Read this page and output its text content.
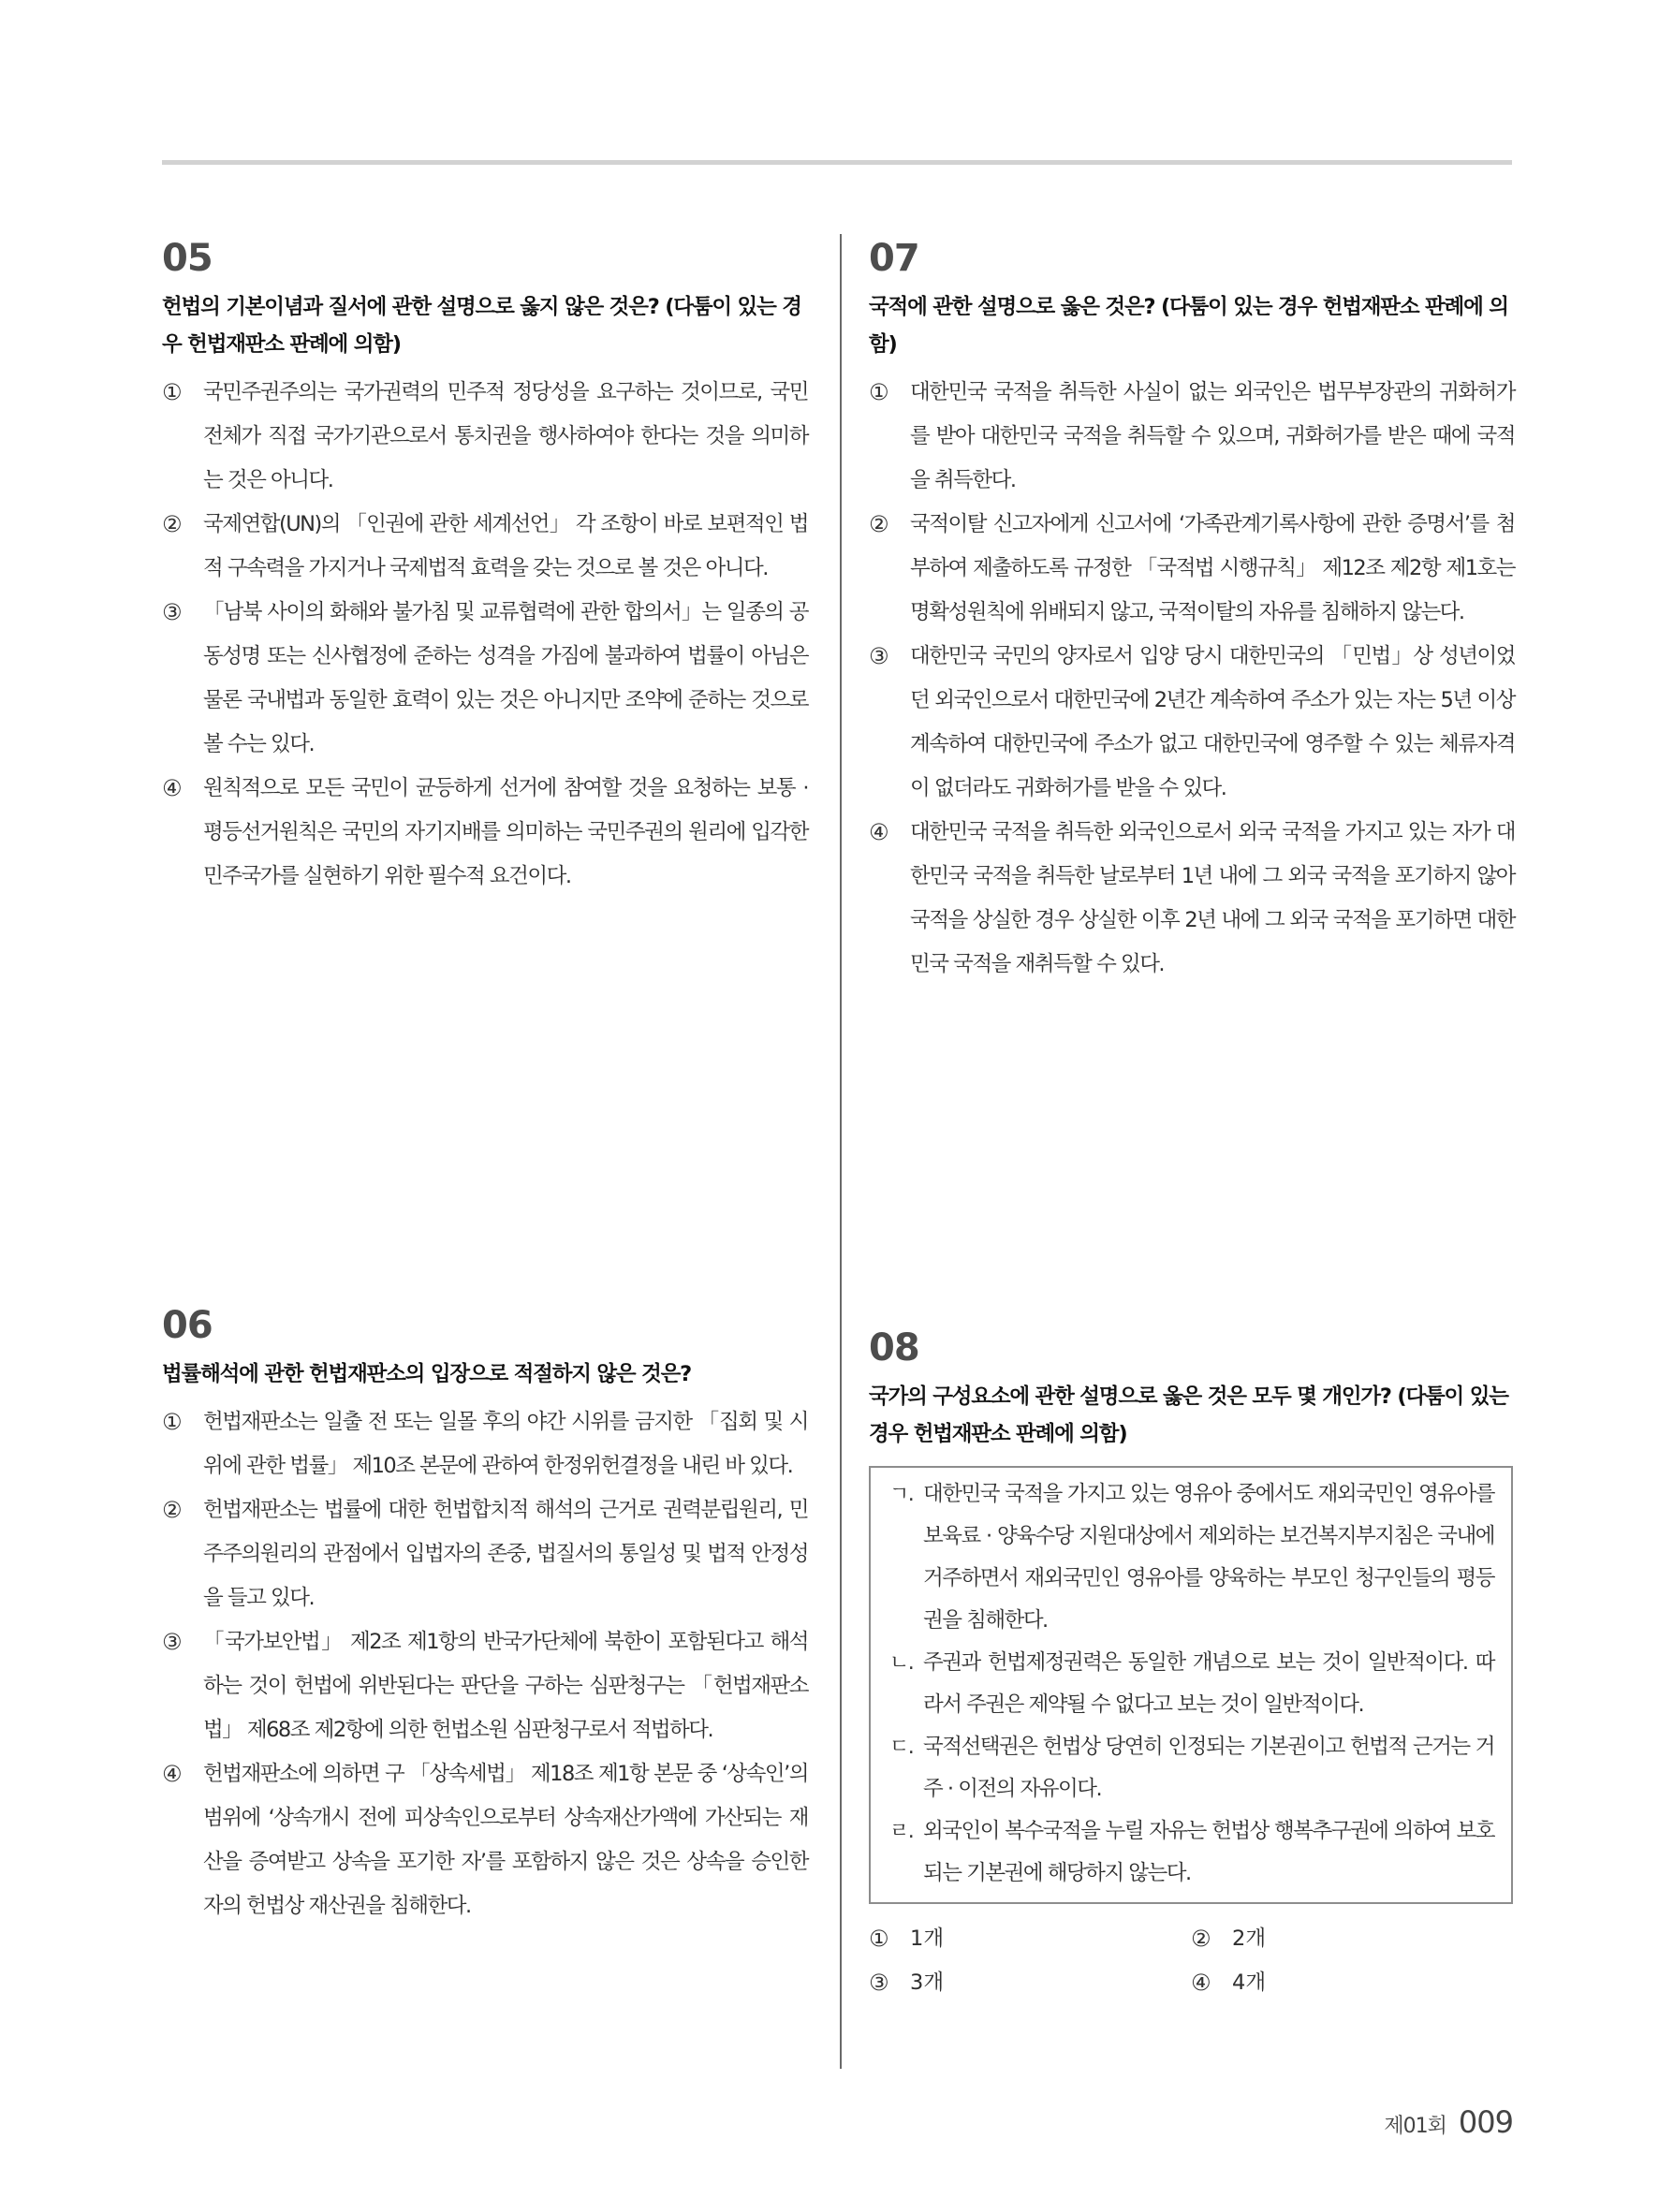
05
헌법의 기본이념과 질서에 관한 설명으로 옳지 않은 것은? (다툼이 있는 경우 헌법재판소 판례에 의함)
① 국민주권주의는 국가권력의 민주적 정당성을 요구하는 것이므로, 국민 전체가 직접 국가기관으로서 통치권을 행사하여야 한다는 것을 의미하는 것은 아니다.
② 국제연합(UN)의 「인권에 관한 세계선언」 각 조항이 바로 보편적인 법적 구속력을 가지거나 국제법적 효력을 갖는 것으로 볼 것은 아니다.
③ 「남북 사이의 화해와 불가침 및 교류협력에 관한 합의서」는 일종의 공동성명 또는 신사협정에 준하는 성격을 가짐에 불과하여 법률이 아님은 물론 국내법과 동일한 효력이 있는 것은 아니지만 조약에 준하는 것으로 볼 수는 있다.
④ 원칙적으로 모든 국민이 균등하게 선거에 참여할 것을 요청하는 보통 · 평등선거원칙은 국민의 자기지배를 의미하는 국민주권의 원리에 입각한 민주국가를 실현하기 위한 필수적 요건이다.
06
법률해석에 관한 헌법재판소의 입장으로 적절하지 않은 것은?
① 헌법재판소는 일출 전 또는 일몰 후의 야간 시위를 금지한 「집회 및 시위에 관한 법률」 제10조 본문에 관하여 한정위헌결정을 내린 바 있다.
② 헌법재판소는 법률에 대한 헌법합치적 해석의 근거로 권력분립원리, 민주주의원리의 관점에서 입법자의 존중, 법질서의 통일성 및 법적 안정성을 들고 있다.
③ 「국가보안법」 제2조 제1항의 반국가단체에 북한이 포함된다고 해석하는 것이 헌법에 위반된다는 판단을 구하는 심판청구는 「헌법재판소법」 제68조 제2항에 의한 헌법소원 심판청구로서 적법하다.
④ 헌법재판소에 의하면 구 「상속세법」 제18조 제1항 본문 중 ‘상속인’의 범위에 ‘상속개시 전에 피상속인으로부터 상속재산가액에 가산되는 재산을 증여받고 상속을 포기한 자’를 포함하지 않은 것은 상속을 승인한 자의 헌법상 재산권을 침해한다.
07
국적에 관한 설명으로 옳은 것은? (다툼이 있는 경우 헌법재판소 판례에 의함)
① 대한민국 국적을 취득한 사실이 없는 외국인은 법무부장관의 귀화허가를 받아 대한민국 국적을 취득할 수 있으며, 귀화허가를 받은 때에 국적을 취득한다.
② 국적이탈 신고자에게 신고서에 ‘가족관계기록사항에 관한 증명서’를 첨부하여 제출하도록 규정한 「국적법 시행규칙」 제12조 제2항 제1호는 명확성원칙에 위배되지 않고, 국적이탈의 자유를 침해하지 않는다.
③ 대한민국 국민의 양자로서 입양 당시 대한민국의 「민법」상 성년이었던 외국인으로서 대한민국에 2년간 계속하여 주소가 있는 자는 5년 이상 계속하여 대한민국에 주소가 없고 대한민국에 영주할 수 있는 체류자격이 없더라도 귀화허가를 받을 수 있다.
④ 대한민국 국적을 취득한 외국인으로서 외국 국적을 가지고 있는 자가 대한민국 국적을 취득한 날로부터 1년 내에 그 외국 국적을 포기하지 않아 국적을 상실한 경우 상실한 이후 2년 내에 그 외국 국적을 포기하면 대한민국 국적을 재취득할 수 있다.
08
국가의 구성요소에 관한 설명으로 옳은 것은 모두 몇 개인가? (다툼이 있는 경우 헌법재판소 판례에 의함)
ㄱ. 대한민국 국적을 가지고 있는 영유아 중에서도 재외국민인 영유아를 보육료 · 양육수당 지원대상에서 제외하는 보건복지부지침은 국내에 거주하면서 재외국민인 영유아를 양육하는 부모인 청구인들의 평등권을 침해한다.
ㄴ. 주권과 헌법제정권력은 동일한 개념으로 보는 것이 일반적이다. 따라서 주권은 제약될 수 없다고 보는 것이 일반적이다.
ㄷ. 국적선택권은 헌법상 당연히 인정되는 기본권이고 헌법적 근거는 거주 · 이전의 자유이다.
ㄹ. 외국인이 복수국적을 누릴 자유는 헌법상 행복추구권에 의하여 보호되는 기본권에 해당하지 않는다.
① 1개	② 2개
③ 3개	④ 4개
제01회 009
